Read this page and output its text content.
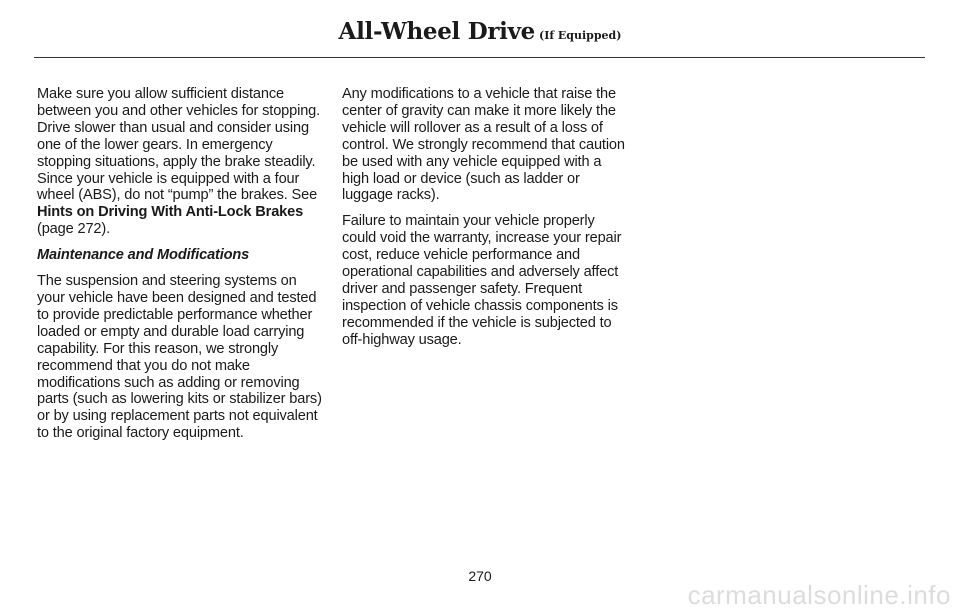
All-Wheel Drive (If Equipped)

Make sure you allow sufficient distance between you and other vehicles for stopping. Drive slower than usual and consider using one of the lower gears. In emergency stopping situations, apply the brake steadily. Since your vehicle is equipped with a four wheel (ABS), do not “pump” the brakes. See Hints on Driving With Anti-Lock Brakes (page 272).

Maintenance and Modifications

The suspension and steering systems on your vehicle have been designed and tested to provide predictable performance whether loaded or empty and durable load carrying capability. For this reason, we strongly recommend that you do not make modifications such as adding or removing parts (such as lowering kits or stabilizer bars) or by using replacement parts not equivalent to the original factory equipment.

Any modifications to a vehicle that raise the center of gravity can make it more likely the vehicle will rollover as a result of a loss of control. We strongly recommend that caution be used with any vehicle equipped with a high load or device (such as ladder or luggage racks).

Failure to maintain your vehicle properly could void the warranty, increase your repair cost, reduce vehicle performance and operational capabilities and adversely affect driver and passenger safety. Frequent inspection of vehicle chassis components is recommended if the vehicle is subjected to off-highway usage.

270
carmanualsonline.info
